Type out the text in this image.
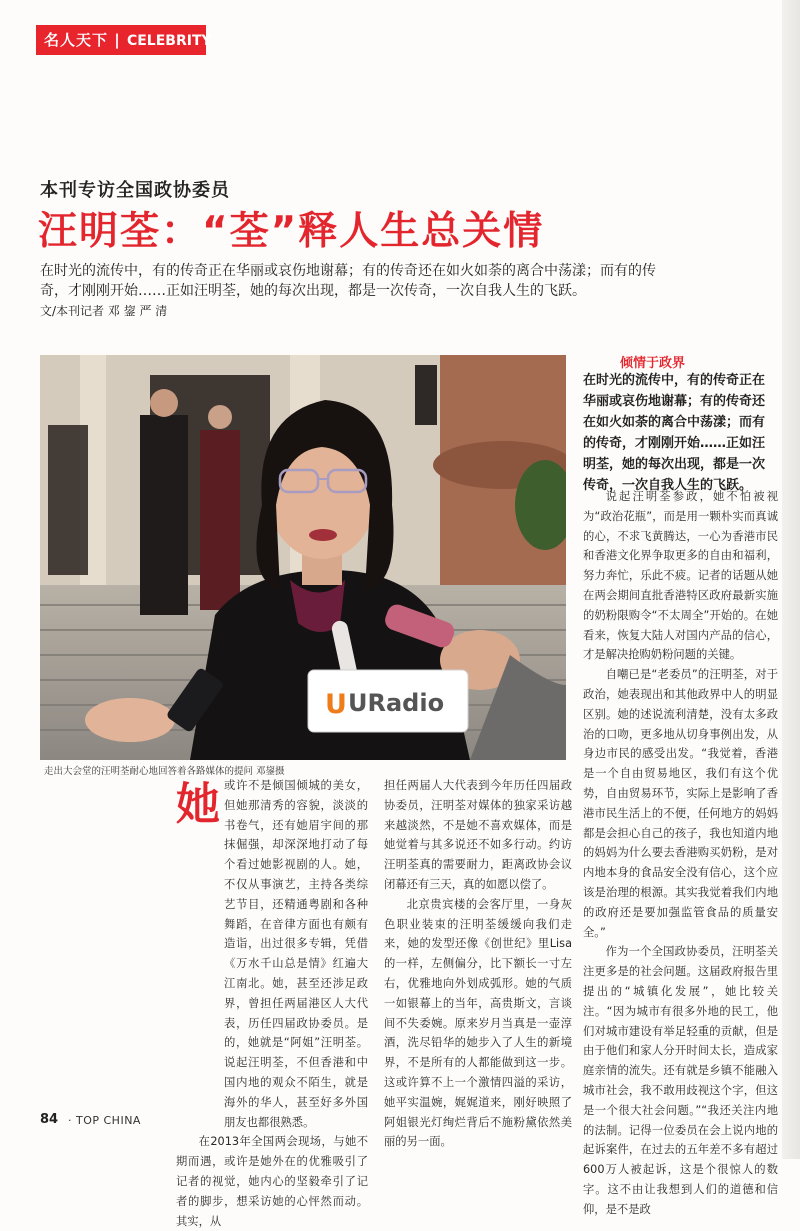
名人天下 | CELEBRITY
本刊专访全国政协委员
汪明荃：“荃”释人生总关情
在时光的流传中，有的传奇正在华丽或哀伤地谢幕；有的传奇还在如火如荼的离合中荡漾；而有的传奇，才刚刚开始……正如汪明荃，她的每次出现，都是一次传奇，一次自我人生的飞跃。
文/本刊记者 邓 鋆 严 清
U URadio
走出大会堂的汪明荃耐心地回答着各路媒体的提问 邓鋆摄
倾情于政界
在时光的流传中，有的传奇正在华丽或哀伤地谢幕；有的传奇还在如火如荼的离合中荡漾；而有的传奇，才刚刚开始……正如汪明荃，她的每次出现，都是一次传奇，一次自我人生的飞跃。

说起汪明荃参政，她不怕被视为“政治花瓶”，而是用一颗朴实而真诚的心，不求飞黄腾达，一心为香港市民和香港文化界争取更多的自由和福利，努力奔忙，乐此不疲。记者的话题从她在两会期间直批香港特区政府最新实施的奶粉限购令“不太周全”开始的。在她看来，恢复大陆人对国内产品的信心，才是解决抢购奶粉问题的关键。

自嘲已是“老委员”的汪明荃，对于政治，她表现出和其他政界中人的明显区别。她的述说流利清楚，没有太多政治的口吻，更多地从切身事例出发，从身边市民的感受出发。“我觉着，香港是一个自由贸易地区，我们有这个优势，自由贸易环节，实际上是影响了香港市民生活上的不便，任何地方的妈妈都是会担心自己的孩子，我也知道内地的妈妈为什么要去香港购买奶粉，是对内地本身的食品安全没有信心，这个应该是治理的根源。其实我觉着我们内地的政府还是要加强监管食品的质量安全。”

作为一个全国政协委员，汪明荃关注更多是的社会问题。这届政府报告里提出的“城镇化发展”，她比较关注。“因为城市有很多外地的民工，他们对城市建设有举足轻重的贡献，但是由于他们和家人分开时间太长，造成家庭亲情的流失。还有就是乡镇不能融入城市社会，我不敢用歧视这个字，但这是一个很大社会问题。”“我还关注内地的法制。记得一位委员在会上说内地的起诉案件，在过去的五年差不多有超过600万人被起诉，这是个很惊人的数字。这不由让我想到人们的道德和信仰，是不是政

她 或许不是倾国倾城的美女，但她那清秀的容貌，淡淡的书卷气，还有她眉宇间的那抹倔强，却深深地打动了每个看过她影视剧的人。她，不仅从事演艺，主持各类综艺节目，还精通粤剧和各种舞蹈，在音律方面也有颇有造诣，出过很多专辑，凭借《万水千山总是情》红遍大江南北。她，甚至还涉足政界，曾担任两届港区人大代表，历任四届政协委员。是的，她就是“阿姐”汪明荃。说起汪明荃，不但香港和中国内地的观众不陌生，就是海外的华人，甚至好多外国朋友也都很熟悉。

在2013年全国两会现场，与她不期而遇，或许是她外在的优雅吸引了记者的视觉，她内心的坚毅牵引了记者的脚步，想采访她的心怦然而动。其实，从

担任两届人大代表到今年历任四届政协委员，汪明荃对媒体的独家采访越来越淡然，不是她不喜欢媒体，而是她觉着与其多说还不如多行动。约访汪明荃真的需要耐力，距离政协会议闭幕还有三天，真的如愿以偿了。

北京贵宾楼的会客厅里，一身灰色职业装束的汪明荃缓缓向我们走来，她的发型还像《创世纪》里Lisa的一样，左侧偏分，比下额长一寸左右，优雅地向外划成弧形。她的气质一如银幕上的当年，高贵斯文，言谈间不失委婉。原来岁月当真是一壶淳酒，洗尽铅华的她步入了人生的新境界，不是所有的人都能做到这一步。这或许算不上一个激情四溢的采访，她平实温婉，娓娓道来，刚好映照了阿姐银光灯绚烂背后不施粉黛依然美丽的另一面。

84 · TOP CHINA
